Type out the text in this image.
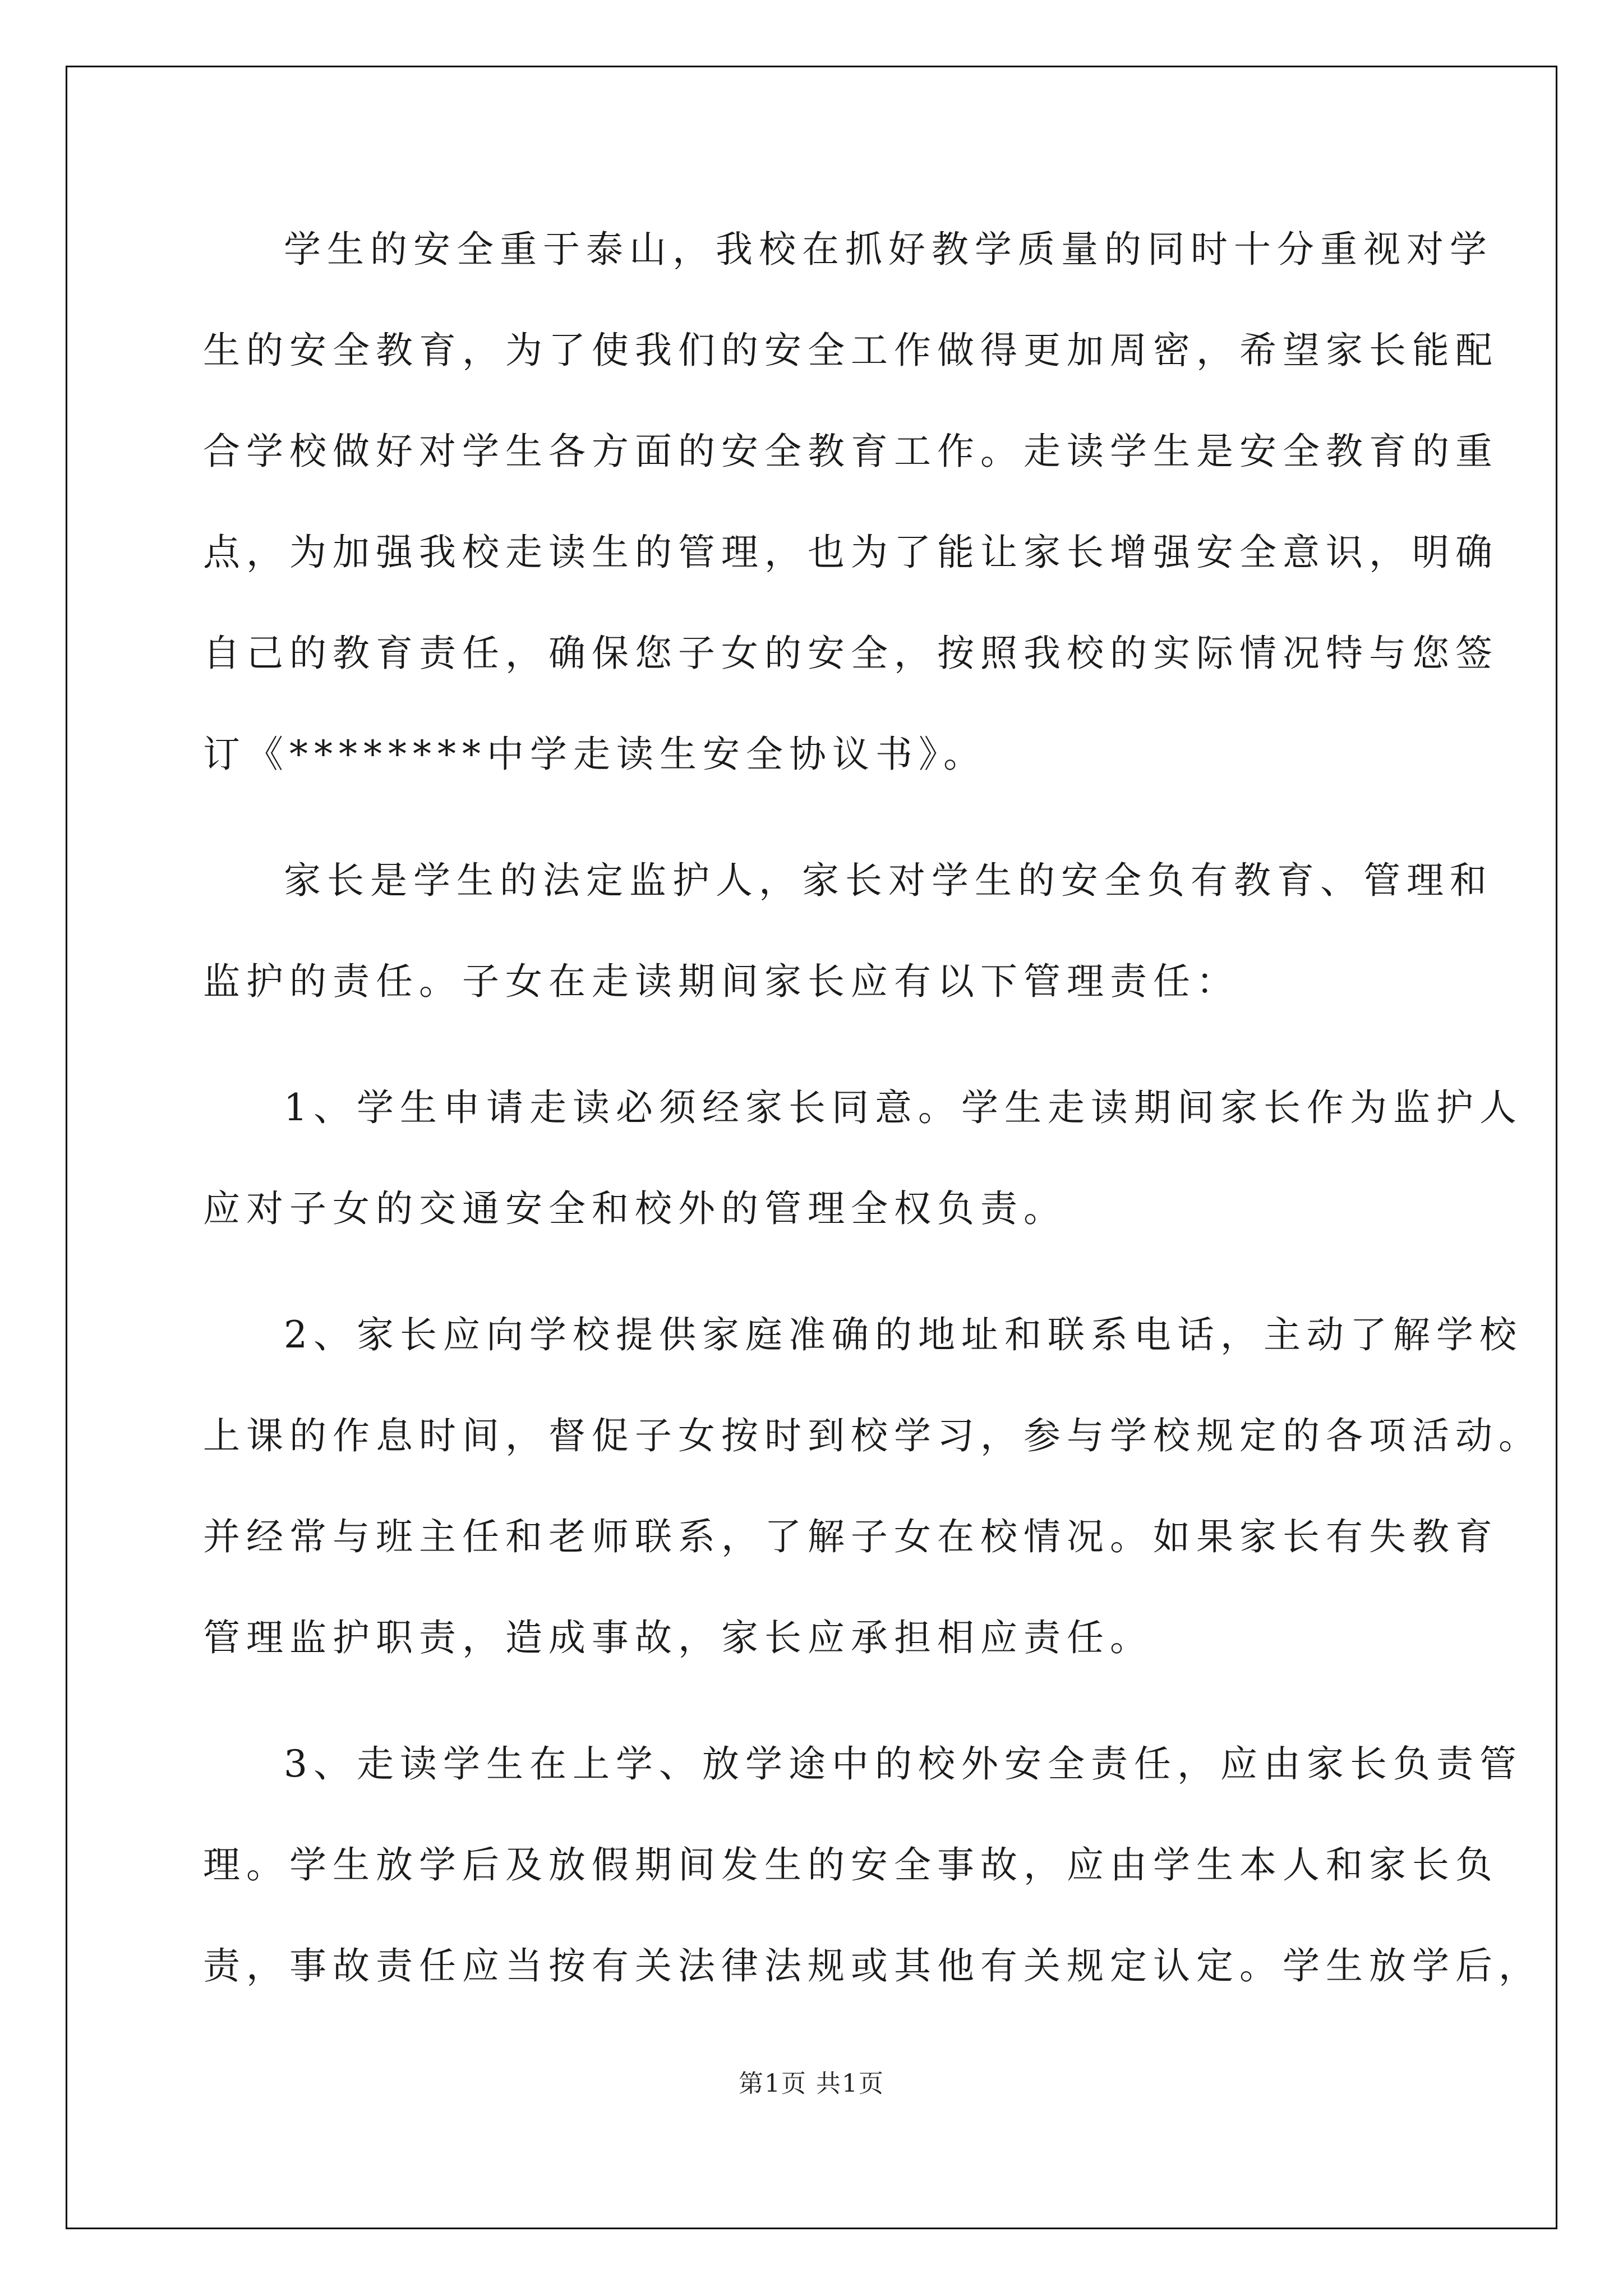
学生的安全重于泰山，我校在抓好教学质量的同时十分重视对学
生的安全教育，为了使我们的安全工作做得更加周密，希望家长能配
合学校做好对学生各方面的安全教育工作。走读学生是安全教育的重
点，为加强我校走读生的管理，也为了能让家长增强安全意识，明确
自己的教育责任，确保您子女的安全，按照我校的实际情况特与您签
订《********中学走读生安全协议书》。
家长是学生的法定监护人，家长对学生的安全负有教育、管理和
监护的责任。子女在走读期间家长应有以下管理责任：
1、学生申请走读必须经家长同意。学生走读期间家长作为监护人
应对子女的交通安全和校外的管理全权负责。
2、家长应向学校提供家庭准确的地址和联系电话，主动了解学校
上课的作息时间，督促子女按时到校学习，参与学校规定的各项活动。
并经常与班主任和老师联系，了解子女在校情况。如果家长有失教育
管理监护职责，造成事故，家长应承担相应责任。
3、走读学生在上学、放学途中的校外安全责任，应由家长负责管
理。学生放学后及放假期间发生的安全事故，应由学生本人和家长负
责，事故责任应当按有关法律法规或其他有关规定认定。学生放学后，
第1页 共1页
